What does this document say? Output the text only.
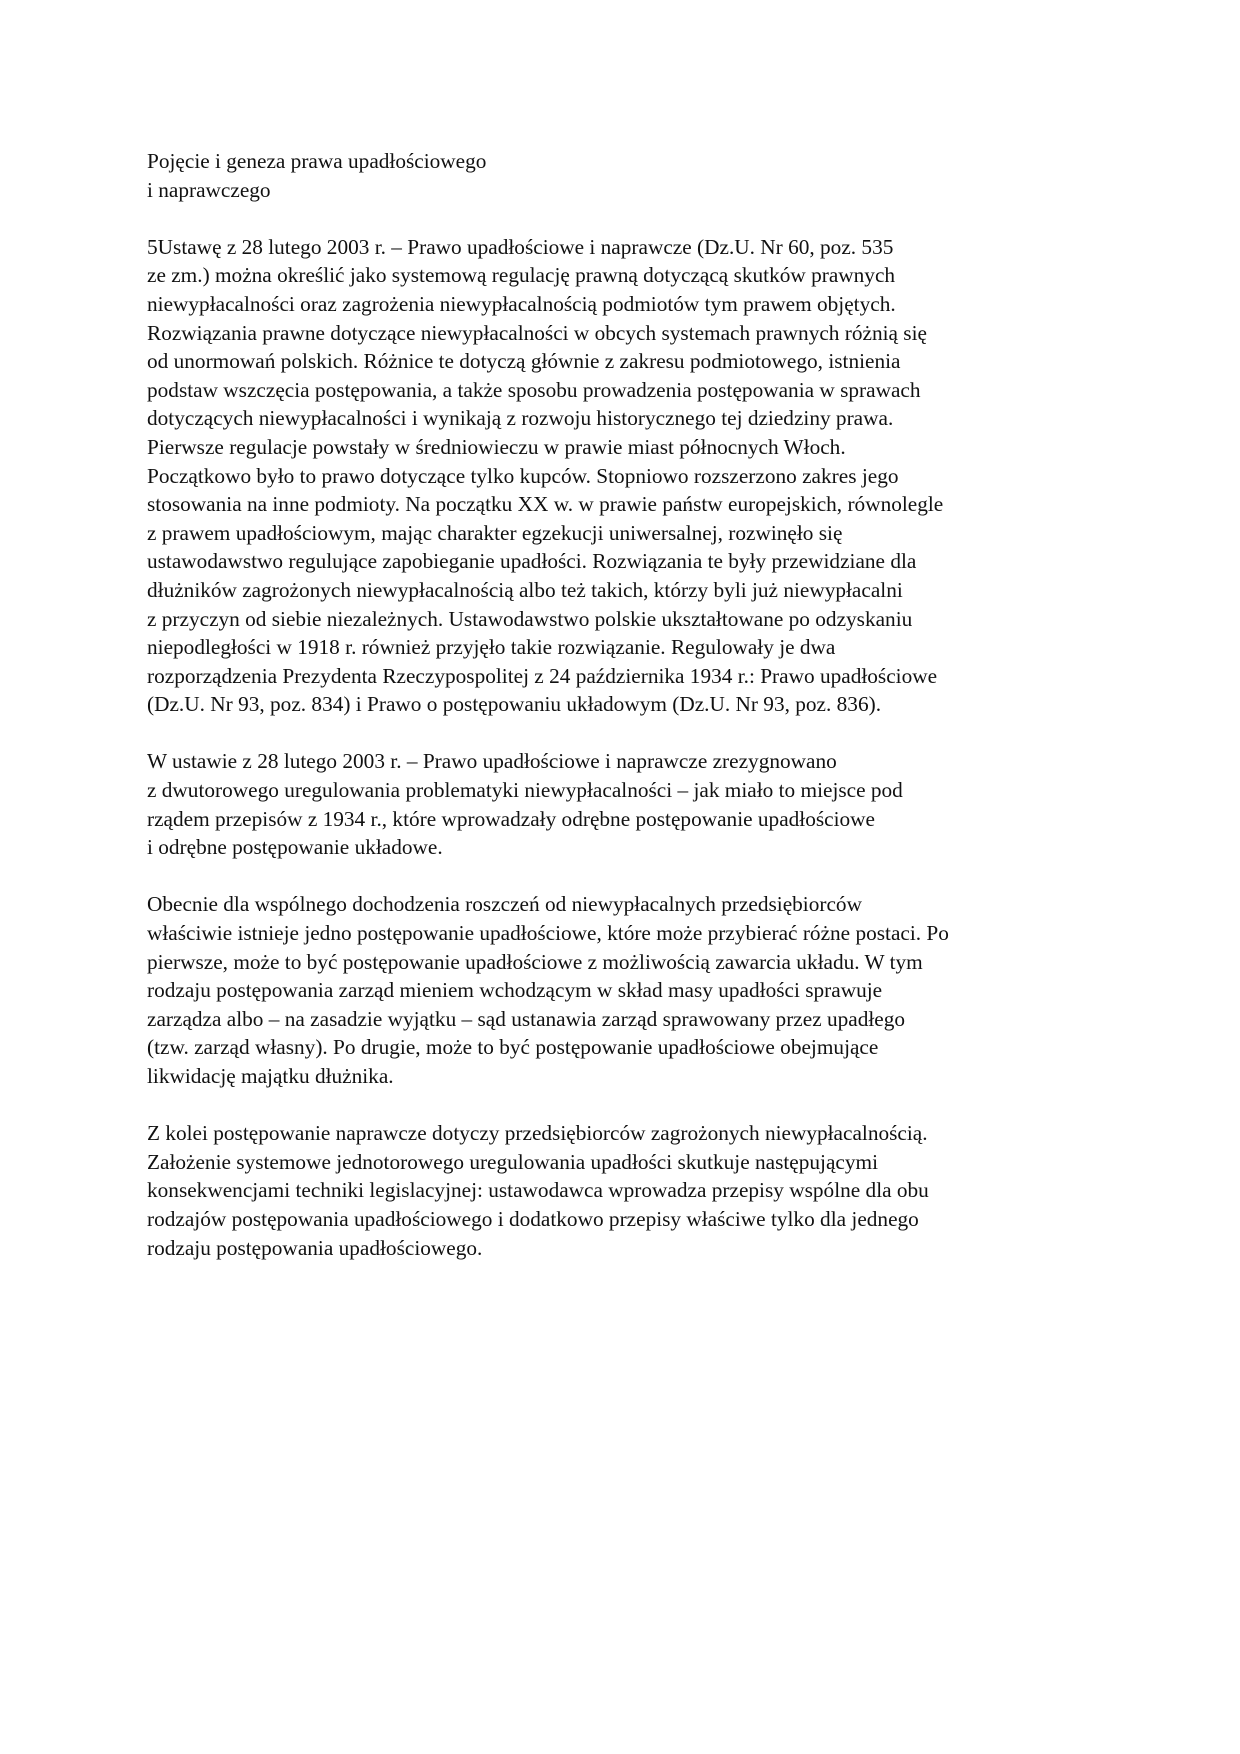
Pojęcie i geneza prawa upadłościowego
i naprawczego

5Ustawę z 28 lutego 2003 r. – Prawo upadłościowe i naprawcze (Dz.U. Nr 60, poz. 535
ze zm.) można określić jako systemową regulację prawną dotyczącą skutków prawnych
niewypłacalności oraz zagrożenia niewypłacalnością podmiotów tym prawem objętych.
Rozwiązania prawne dotyczące niewypłacalności w obcych systemach prawnych różnią się
od unormowań polskich. Różnice te dotyczą głównie z zakresu podmiotowego, istnienia
podstaw wszczęcia postępowania, a także sposobu prowadzenia postępowania w sprawach
dotyczących niewypłacalności i wynikają z rozwoju historycznego tej dziedziny prawa.
Pierwsze regulacje powstały w średniowieczu w prawie miast północnych Włoch.
Początkowo było to prawo dotyczące tylko kupców. Stopniowo rozszerzono zakres jego
stosowania na inne podmioty. Na początku XX w. w prawie państw europejskich, równolegle
z prawem upadłościowym, mając charakter egzekucji uniwersalnej, rozwinęło się
ustawodawstwo regulujące zapobieganie upadłości. Rozwiązania te były przewidziane dla
dłużników zagrożonych niewypłacalnością albo też takich, którzy byli już niewypłacalni
z przyczyn od siebie niezależnych. Ustawodawstwo polskie ukształtowane po odzyskaniu
niepodległości w 1918 r. również przyjęło takie rozwiązanie. Regulowały je dwa
rozporządzenia Prezydenta Rzeczypospolitej z 24 października 1934 r.: Prawo upadłościowe
(Dz.U. Nr 93, poz. 834) i Prawo o postępowaniu układowym (Dz.U. Nr 93, poz. 836).

W ustawie z 28 lutego 2003 r. – Prawo upadłościowe i naprawcze zrezygnowano
z dwutorowego uregulowania problematyki niewypłacalności – jak miało to miejsce pod
rządem przepisów z 1934 r., które wprowadzały odrębne postępowanie upadłościowe
i odrębne postępowanie układowe.

Obecnie dla wspólnego dochodzenia roszczeń od niewypłacalnych przedsiębiorców
właściwie istnieje jedno postępowanie upadłościowe, które może przybierać różne postaci. Po
pierwsze, może to być postępowanie upadłościowe z możliwością zawarcia układu. W tym
rodzaju postępowania zarząd mieniem wchodzącym w skład masy upadłości sprawuje
zarządza albo – na zasadzie wyjątku – sąd ustanawia zarząd sprawowany przez upadłego
(tzw. zarząd własny). Po drugie, może to być postępowanie upadłościowe obejmujące
likwidację majątku dłużnika.

Z kolei postępowanie naprawcze dotyczy przedsiębiorców zagrożonych niewypłacalnością.
Założenie systemowe jednotorowego uregulowania upadłości skutkuje następującymi
konsekwencjami techniki legislacyjnej: ustawodawca wprowadza przepisy wspólne dla obu
rodzajów postępowania upadłościowego i dodatkowo przepisy właściwe tylko dla jednego
rodzaju postępowania upadłościowego.
